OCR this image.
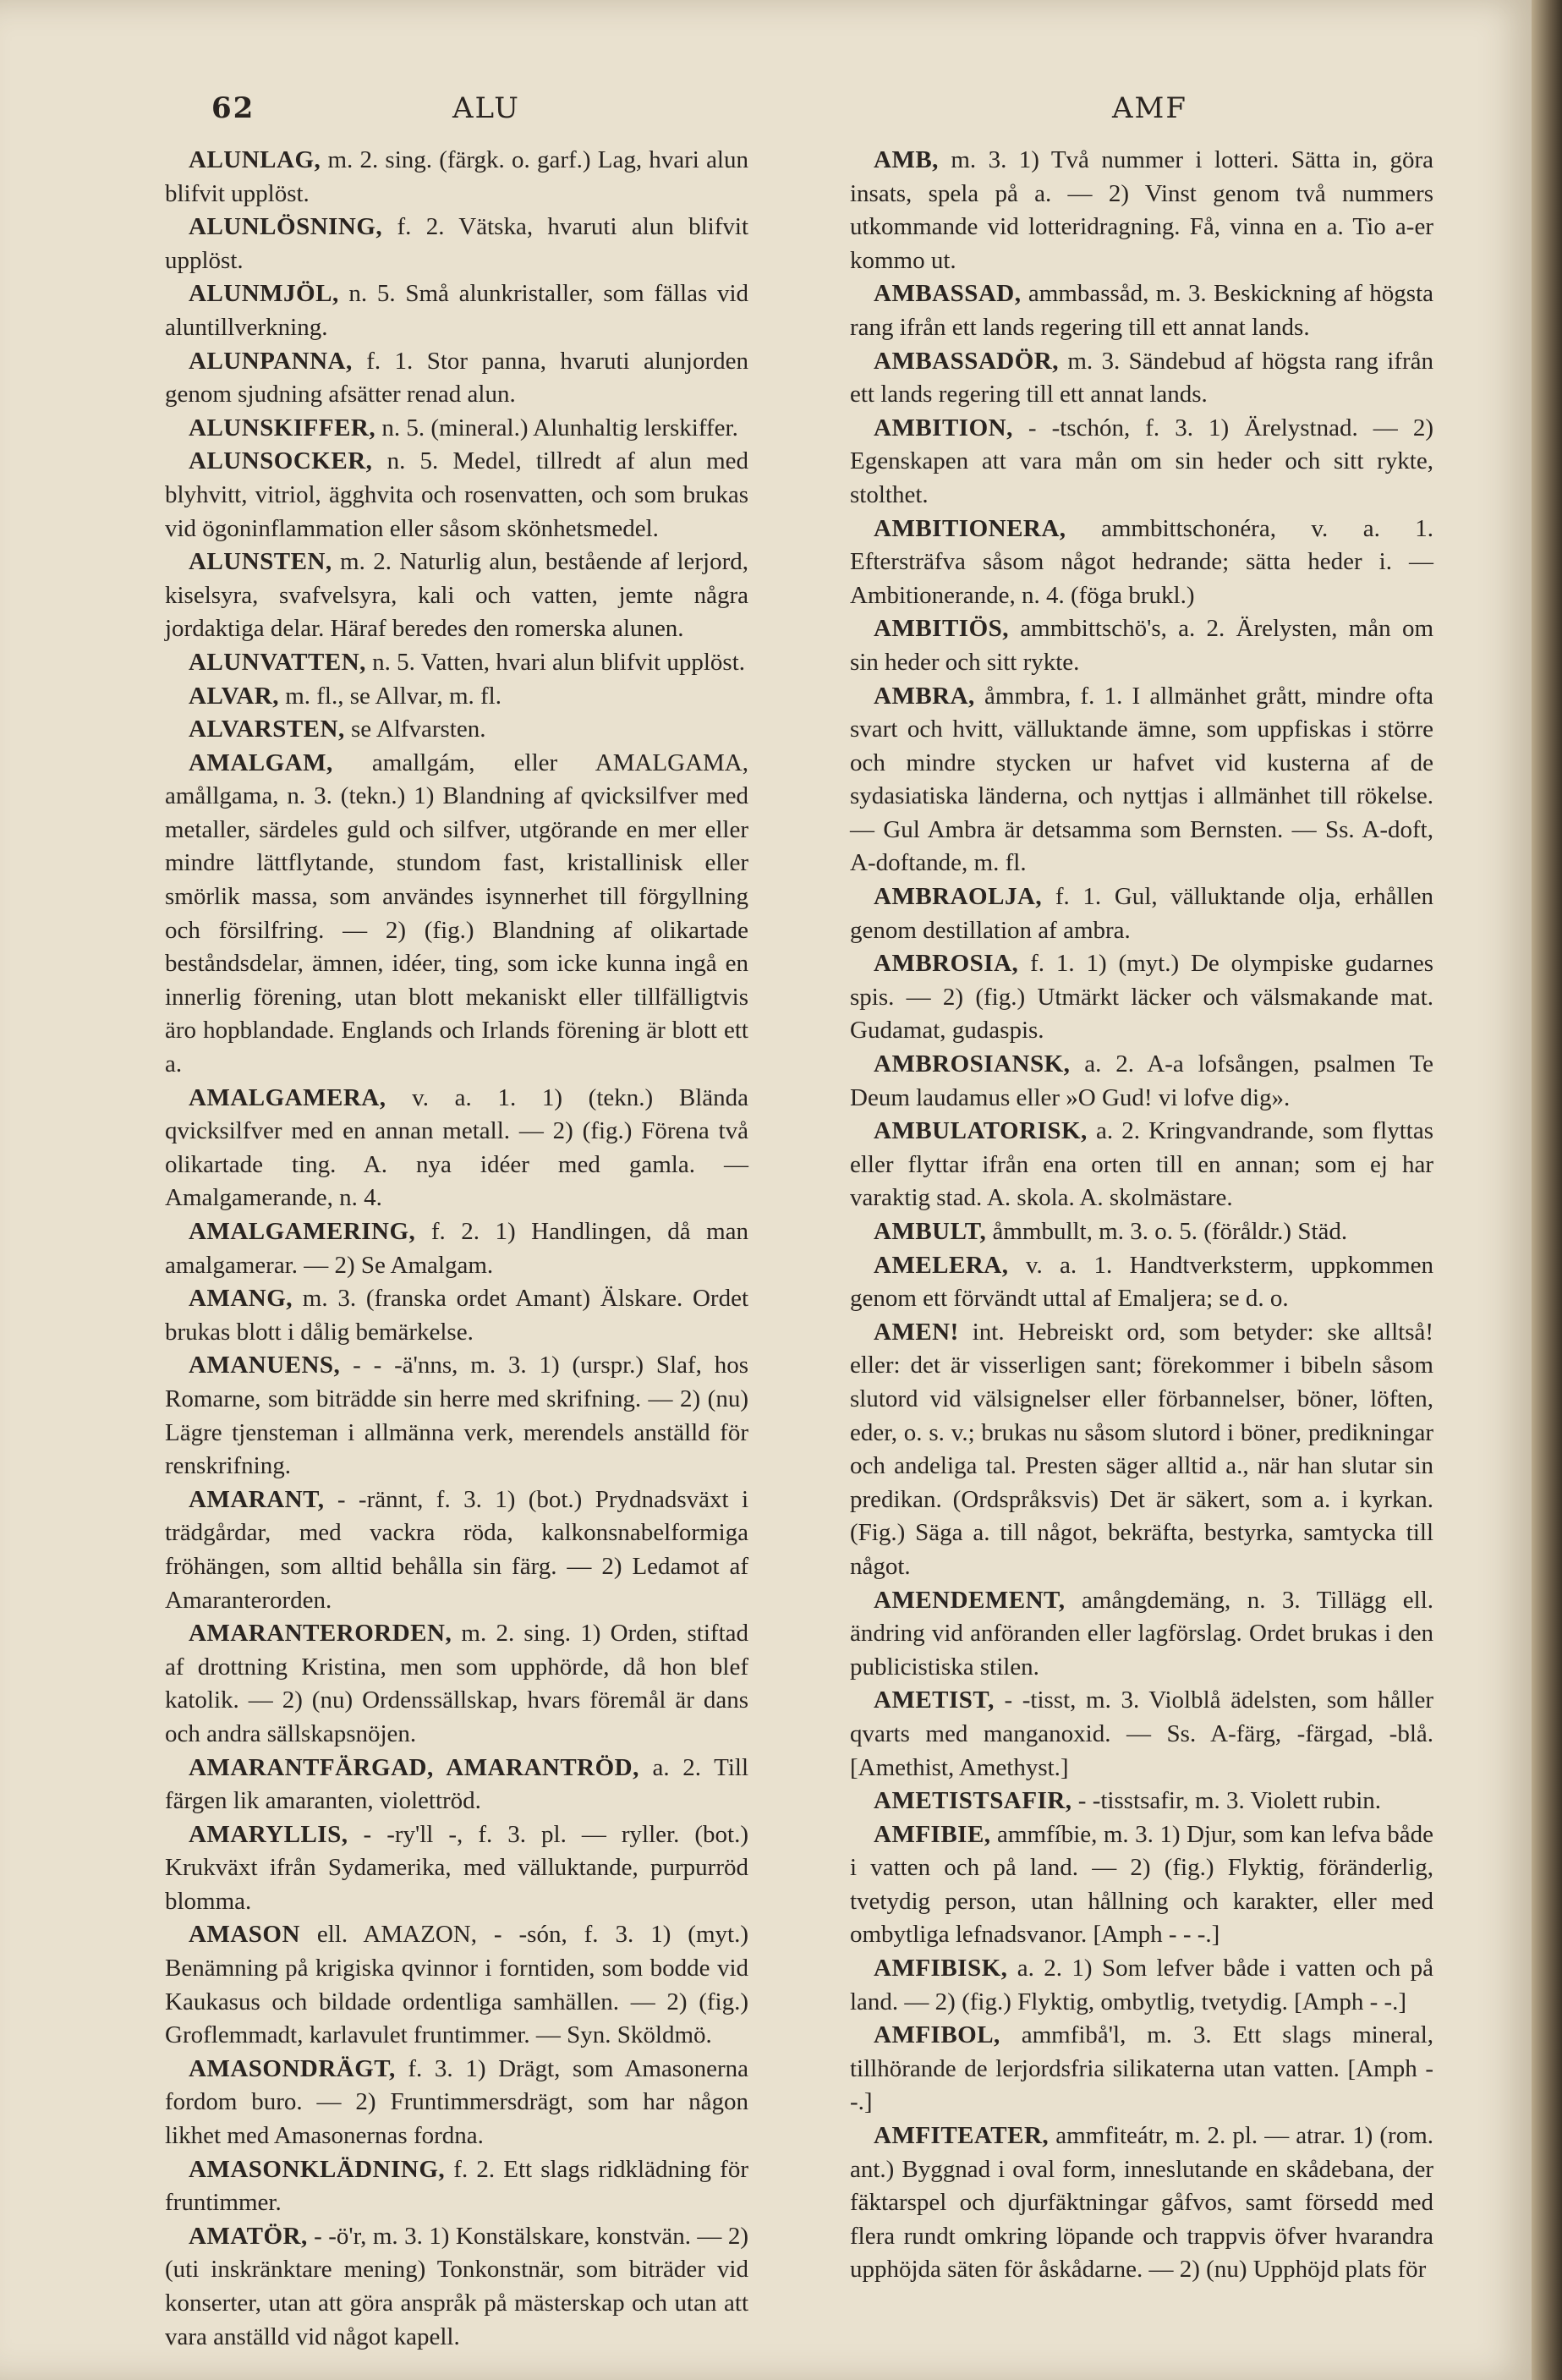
62	ALU	AMF

ALUNLAG, m. 2. sing. (färgk. o. garf.) Lag, hvari alun blifvit upplöst.

ALUNLÖSNING, f. 2. Vätska, hvaruti alun blifvit upplöst.

ALUNMJÖL, n. 5. Små alunkristaller, som fällas vid aluntillverkning.

ALUNPANNA, f. 1. Stor panna, hvaruti alunjorden genom sjudning afsätter renad alun.

ALUNSKIFFER, n. 5. (mineral.) Alunhaltig lerskiffer.

ALUNSOCKER, n. 5. Medel, tillredt af alun med blyhvitt, vitriol, ägghvita och rosenvatten, och som brukas vid ögoninflammation eller såsom skönhetsmedel.

ALUNSTEN, m. 2. Naturlig alun, bestående af lerjord, kiselsyra, svafvelsyra, kali och vatten, jemte några jordaktiga delar. Häraf beredes den romerska alunen.

ALUNVATTEN, n. 5. Vatten, hvari alun blifvit upplöst.

ALVAR, m. fl., se Allvar, m. fl.

ALVARSTEN, se Alfvarsten.

AMALGAM, amallgám, eller AMALGAMA, amållgama, n. 3. (tekn.) 1) Blandning af qvicksilfver med metaller, särdeles guld och silfver, utgörande en mer eller mindre lättflytande, stundom fast, kristallinisk eller smörlik massa, som användes isynnerhet till förgyllning och försilfring. — 2) (fig.) Blandning af olikartade beståndsdelar, ämnen, idéer, ting, som icke kunna ingå en innerlig förening, utan blott mekaniskt eller tillfälligtvis äro hopblandade. Englands och Irlands förening är blott ett a.

AMALGAMERA, v. a. 1. 1) (tekn.) Blända qvicksilfver med en annan metall. — 2) (fig.) Förena två olikartade ting. A. nya idéer med gamla. — Amalgamerande, n. 4.

AMALGAMERING, f. 2. 1) Handlingen, då man amalgamerar. — 2) Se Amalgam.

AMANG, m. 3. (franska ordet Amant) Älskare. Ordet brukas blott i dålig bemärkelse.

AMANUENS, - - -ä'nns, m. 3. 1) (urspr.) Slaf, hos Romarne, som biträdde sin herre med skrifning. — 2) (nu) Lägre tjensteman i allmänna verk, merendels anställd för renskrifning.

AMARANT, - -rännt, f. 3. 1) (bot.) Prydnadsväxt i trädgårdar, med vackra röda, kalkonsnabelformiga fröhängen, som alltid behålla sin färg. — 2) Ledamot af Amaranterorden.

AMARANTERORDEN, m. 2. sing. 1) Orden, stiftad af drottning Kristina, men som upphörde, då hon blef katolik. — 2) (nu) Ordenssällskap, hvars föremål är dans och andra sällskapsnöjen.

AMARANTFÄRGAD, AMARANTRÖD, a. 2. Till färgen lik amaranten, violettröd.

AMARYLLIS, - -ry'll -, f. 3. pl. — ryller. (bot.) Krukväxt ifrån Sydamerika, med välluktande, purpurröd blomma.

AMASON ell. AMAZON, - -són, f. 3. 1) (myt.) Benämning på krigiska qvinnor i forntiden, som bodde vid Kaukasus och bildade ordentliga samhällen. — 2) (fig.) Groflemmadt, karlavulet fruntimmer. — Syn. Sköldmö.

AMASONDRÄGT, f. 3. 1) Drägt, som Amasonerna fordom buro. — 2) Fruntimmersdrägt, som har någon likhet med Amasonernas fordna.

AMASONKLÄDNING, f. 2. Ett slags ridklädning för fruntimmer.

AMATÖR, - -ö'r, m. 3. 1) Konstälskare, konstvän. — 2) (uti inskränktare mening) Tonkonstnär, som biträder vid konserter, utan att göra anspråk på mästerskap och utan att vara anställd vid något kapell.

AMB, m. 3. 1) Två nummer i lotteri. Sätta in, göra insats, spela på a. — 2) Vinst genom två nummers utkommande vid lotteridragning. Få, vinna en a. Tio a-er kommo ut.

AMBASSAD, ammbassåd, m. 3. Beskickning af högsta rang ifrån ett lands regering till ett annat lands.

AMBASSADÖR, m. 3. Sändebud af högsta rang ifrån ett lands regering till ett annat lands.

AMBITION, - -tschón, f. 3. 1) Ärelystnad. — 2) Egenskapen att vara mån om sin heder och sitt rykte, stolthet.

AMBITIONERA, ammbittschonéra, v. a. 1. Eftersträfva såsom något hedrande; sätta heder i. — Ambitionerande, n. 4. (föga brukl.)

AMBITIÖS, ammbittschö's, a. 2. Ärelysten, mån om sin heder och sitt rykte.

AMBRA, åmmbra, f. 1. I allmänhet grått, mindre ofta svart och hvitt, välluktande ämne, som uppfiskas i större och mindre stycken ur hafvet vid kusterna af de sydasiatiska länderna, och nyttjas i allmänhet till rökelse. — Gul Ambra är detsamma som Bernsten. — Ss. A-doft, A-doftande, m. fl.

AMBRAOLJA, f. 1. Gul, välluktande olja, erhållen genom destillation af ambra.

AMBROSIA, f. 1. 1) (myt.) De olympiske gudarnes spis. — 2) (fig.) Utmärkt läcker och välsmakande mat. Gudamat, gudaspis.

AMBROSIANSK, a. 2. A-a lofsången, psalmen Te Deum laudamus eller »O Gud! vi lofve dig».

AMBULATORISK, a. 2. Kringvandrande, som flyttas eller flyttar ifrån ena orten till en annan; som ej har varaktig stad. A. skola. A. skolmästare.

AMBULT, åmmbullt, m. 3. o. 5. (föråldr.) Städ.

AMELERA, v. a. 1. Handtverksterm, uppkommen genom ett förvändt uttal af Emaljera; se d. o.

AMEN! int. Hebreiskt ord, som betyder: ske alltså! eller: det är visserligen sant; förekommer i bibeln såsom slutord vid välsignelser eller förbannelser, böner, löften, eder, o. s. v.; brukas nu såsom slutord i böner, predikningar och andeliga tal. Presten säger alltid a., när han slutar sin predikan. (Ordspråksvis) Det är säkert, som a. i kyrkan. (Fig.) Säga a. till något, bekräfta, bestyrka, samtycka till något.

AMENDEMENT, amångdemäng, n. 3. Tillägg ell. ändring vid anföranden eller lagförslag. Ordet brukas i den publicistiska stilen.

AMETIST, - -tisst, m. 3. Violblå ädelsten, som håller qvarts med manganoxid. — Ss. A-färg, -färgad, -blå. [Amethist, Amethyst.]

AMETISTSAFIR, - -tisstsafir, m. 3. Violett rubin.

AMFIBIE, ammfíbie, m. 3. 1) Djur, som kan lefva både i vatten och på land. — 2) (fig.) Flyktig, föränderlig, tvetydig person, utan hållning och karakter, eller med ombytliga lefnadsvanor. [Amph - - -.]

AMFIBISK, a. 2. 1) Som lefver både i vatten och på land. — 2) (fig.) Flyktig, ombytlig, tvetydig. [Amph - -.]

AMFIBOL, ammfibå'l, m. 3. Ett slags mineral, tillhörande de lerjordsfria silikaterna utan vatten. [Amph - -.]

AMFITEATER, ammfiteátr, m. 2. pl. — atrar. 1) (rom. ant.) Byggnad i oval form, inneslutande en skådebana, der fäktarspel och djurfäktningar gåfvos, samt försedd med flera rundt omkring löpande och trappvis öfver hvarandra upphöjda säten för åskådarne. — 2) (nu) Upphöjd plats för
